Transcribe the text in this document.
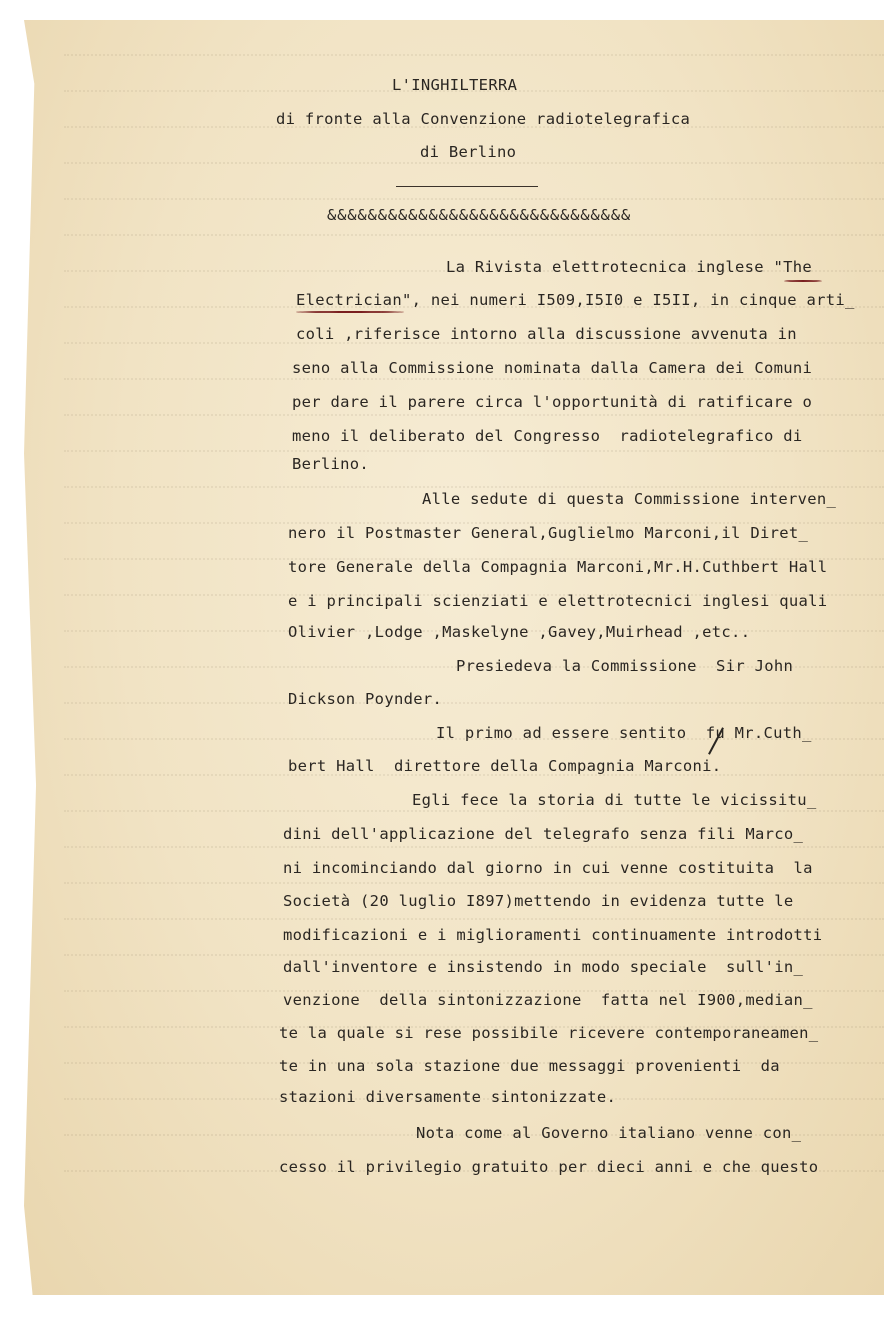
L'INGHILTERRA

di fronte alla Convenzione radiotelegrafica

di Berlino

&&&&&&&&&&&&&&&&&&&&&&&&&&&&&&

La Rivista elettrotecnica inglese "The

Electrician", nei numeri I509,I5I0 e I5II, in cinque arti_

coli ,riferisce intorno alla discussione avvenuta in

seno alla Commissione nominata dalla Camera dei Comuni

per dare il parere circa l'opportunità di ratificare o

meno il deliberato del Congresso  radiotelegrafico di

Berlino.

Alle sedute di questa Commissione interven_

nero il Postmaster General,Guglielmo Marconi,il Diret_

tore Generale della Compagnia Marconi,Mr.H.Cuthbert Hall

e i principali scienziati e elettrotecnici inglesi quali

Olivier ,Lodge ,Maskelyne ,Gavey,Muirhead ,etc..

Presiedeva la Commissione  Sir John

Dickson Poynder.

Il primo ad essere sentito  fu Mr.Cuth_

bert Hall  direttore della Compagnia Marconi.

Egli fece la storia di tutte le vicissitu_

dini dell'applicazione del telegrafo senza fili Marco_

ni incominciando dal giorno in cui venne costituita  la

Società (20 luglio I897)mettendo in evidenza tutte le

modificazioni e i miglioramenti continuamente introdotti

dall'inventore e insistendo in modo speciale  sull'in_

venzione  della sintonizzazione  fatta nel I900,median_

te la quale si rese possibile ricevere contemporaneamen_

te in una sola stazione due messaggi provenienti  da

stazioni diversamente sintonizzate.

Nota come al Governo italiano venne con_

cesso il privilegio gratuito per dieci anni e che questo
